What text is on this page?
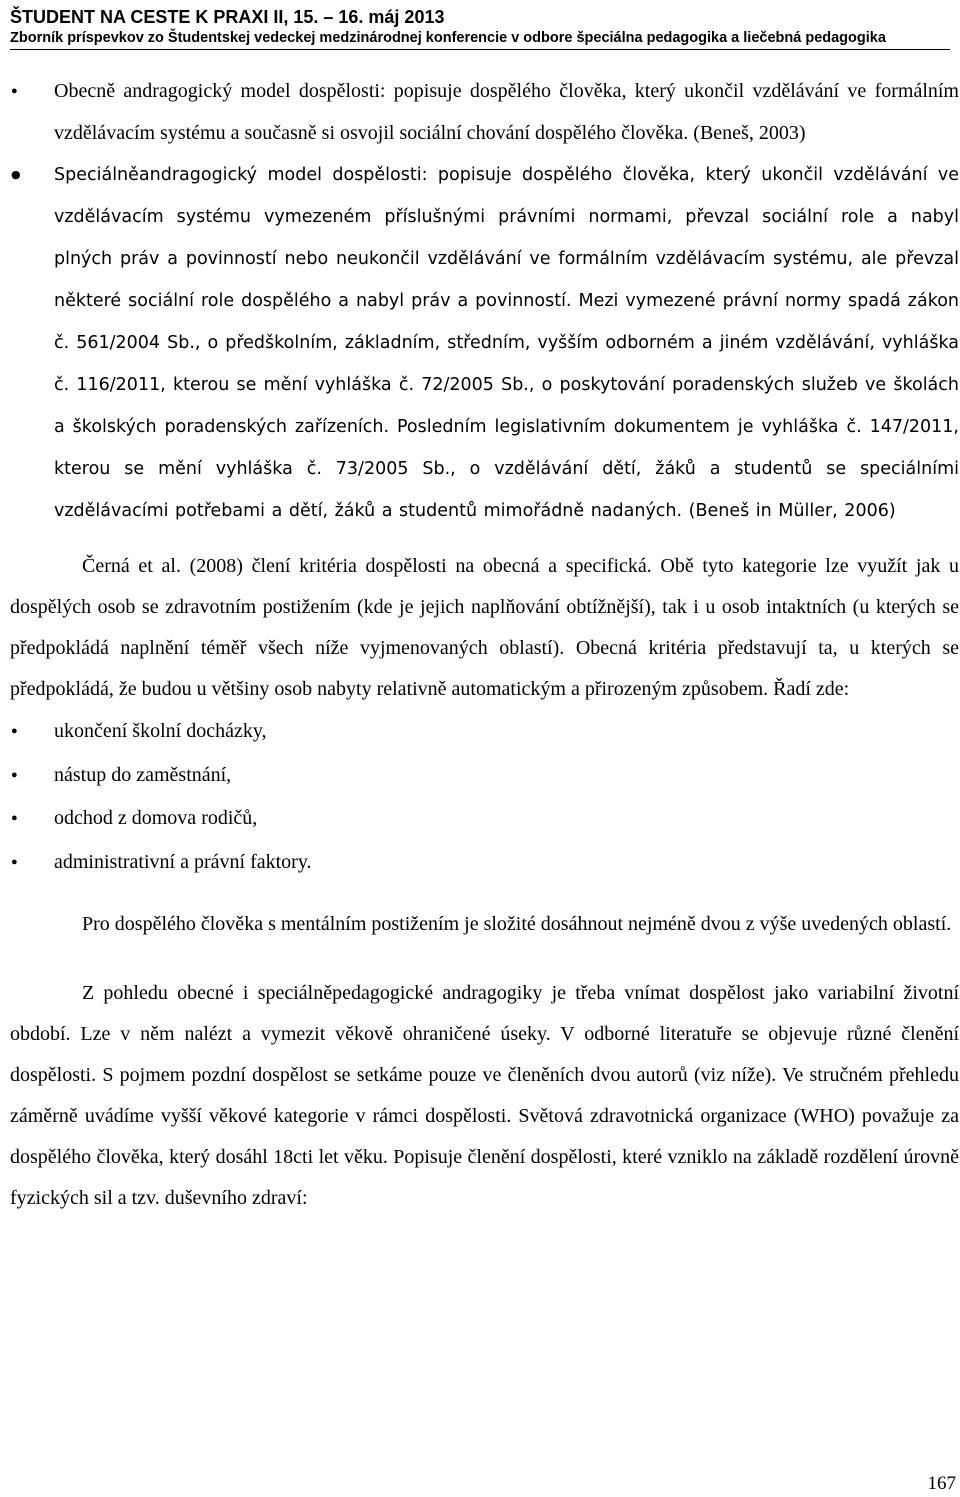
ŠTUDENT NA CESTE K PRAXI II, 15. – 16. máj 2013
Zborník príspevkov zo Študentskej vedeckej medzinárodnej konferencie v odbore špeciálna pedagogika a liečebná pedagogika
● Obecně andragogický model dospělosti: popisuje dospělého člověka, který ukončil vzdělávání ve formálním vzdělávacím systému a současně si osvojil sociální chování dospělého člověka. (Beneš, 2003)
● Speciálněandragogický model dospělosti: popisuje dospělého člověka, který ukončil vzdělávání ve vzdělávacím systému vymezeném příslušnými právními normami, převzal sociální role a nabyl plných práv a povinností nebo neukončil vzdělávání ve formálním vzdělávacím systému, ale převzal některé sociální role dospělého a nabyl práv a povinností. Mezi vymezené právní normy spadá zákon č. 561/2004 Sb., o předškolním, základním, středním, vyšším odborném a jiném vzdělávání, vyhláška č. 116/2011, kterou se mění vyhláška č. 72/2005 Sb., o poskytování poradenských služeb ve školách a školských poradenských zařízeních. Posledním legislativním dokumentem je vyhláška č. 147/2011, kterou se mění vyhláška č. 73/2005 Sb., o vzdělávání dětí, žáků a studentů se speciálními vzdělávacími potřebami a dětí, žáků a studentů mimořádně nadaných. (Beneš in Müller, 2006)

Černá et al. (2008) člení kritéria dospělosti na obecná a specifická. Obě tyto kategorie lze využít jak u dospělých osob se zdravotním postižením (kde je jejich naplňování obtížnější), tak i u osob intaktních (u kterých se předpokládá naplnění téměř všech níže vyjmenovaných oblastí). Obecná kritéria představují ta, u kterých se předpokládá, že budou u většiny osob nabyty relativně automatickým a přirozeným způsobem. Řadí zde:

● ukončení školní docházky,
● nástup do zaměstnání,
● odchod z domova rodičů,
● administrativní a právní faktory.

Pro dospělého člověka s mentálním postižením je složité dosáhnout nejméně dvou z výše uvedených oblastí.

Z pohledu obecné i speciálněpedagogické andragogiky je třeba vnímat dospělost jako variabilní životní období. Lze v něm nalézt a vymezit věkově ohraničené úseky. V odborné literatuře se objevuje různé členění dospělosti. S pojmem pozdní dospělost se setkáme pouze ve členěních dvou autorů (viz níže). Ve stručném přehledu záměrně uvádíme vyšší věkové kategorie v rámci dospělosti. Světová zdravotnická organizace (WHO) považuje za dospělého člověka, který dosáhl 18cti let věku. Popisuje členění dospělosti, které vzniklo na základě rozdělení úrovně fyzických sil a tzv. duševního zdraví:

167
